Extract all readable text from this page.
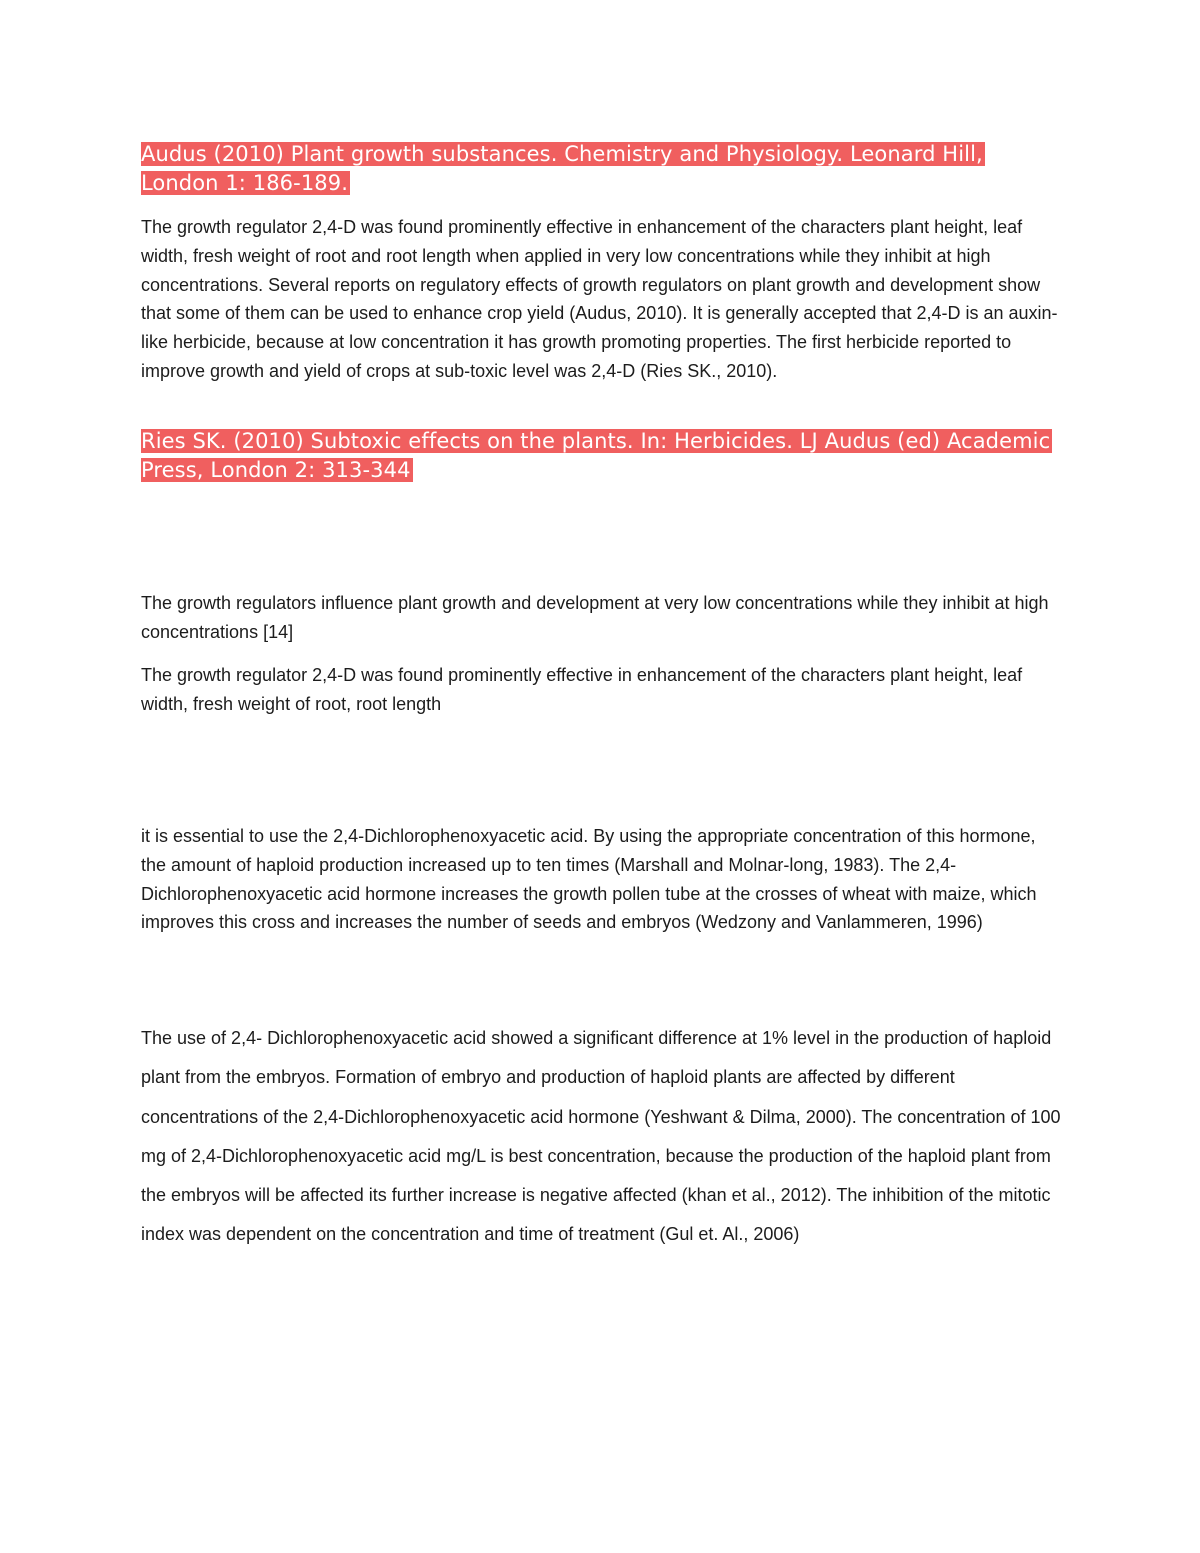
Audus (2010) Plant growth substances. Chemistry and Physiology. Leonard Hill, London 1: 186-189.

The growth regulator 2,4-D was found prominently effective in enhancement of the characters plant height, leaf width, fresh weight of root and root length when applied in very low concentrations while they inhibit at high concentrations. Several reports on regulatory effects of growth regulators on plant growth and development show that some of them can be used to enhance crop yield (Audus, 2010). It is generally accepted that 2,4-D is an auxin-like herbicide, because at low concentration it has growth promoting properties. The first herbicide reported to improve growth and yield of crops at sub-toxic level was 2,4-D (Ries SK., 2010).

Ries SK. (2010) Subtoxic effects on the plants. In: Herbicides. LJ Audus (ed) Academic Press, London 2: 313-344

The growth regulators influence plant growth and development at very low concentrations while they inhibit at high concentrations [14]

The growth regulator 2,4-D was found prominently effective in enhancement of the characters plant height, leaf width, fresh weight of root, root length

it is essential to use the 2,4-Dichlorophenoxyacetic acid. By using the appropriate concentration of this hormone, the amount of haploid production increased up to ten times (Marshall and Molnar-long, 1983). The 2,4-Dichlorophenoxyacetic acid hormone increases the growth pollen tube at the crosses of wheat with maize, which improves this cross and increases the number of seeds and embryos (Wedzony and Vanlammeren, 1996)

The use of 2,4- Dichlorophenoxyacetic acid showed a significant difference at 1% level in the production of haploid plant from the embryos. Formation of embryo and production of haploid plants are affected by different concentrations of the 2,4-Dichlorophenoxyacetic acid hormone (Yeshwant & Dilma, 2000). The concentration of 100 mg of 2,4-Dichlorophenoxyacetic acid mg/L is best concentration, because the production of the haploid plant from the embryos will be affected its further increase is negative affected (khan et al., 2012). The inhibition of the mitotic index was dependent on the concentration and time of treatment (Gul et. Al., 2006)
